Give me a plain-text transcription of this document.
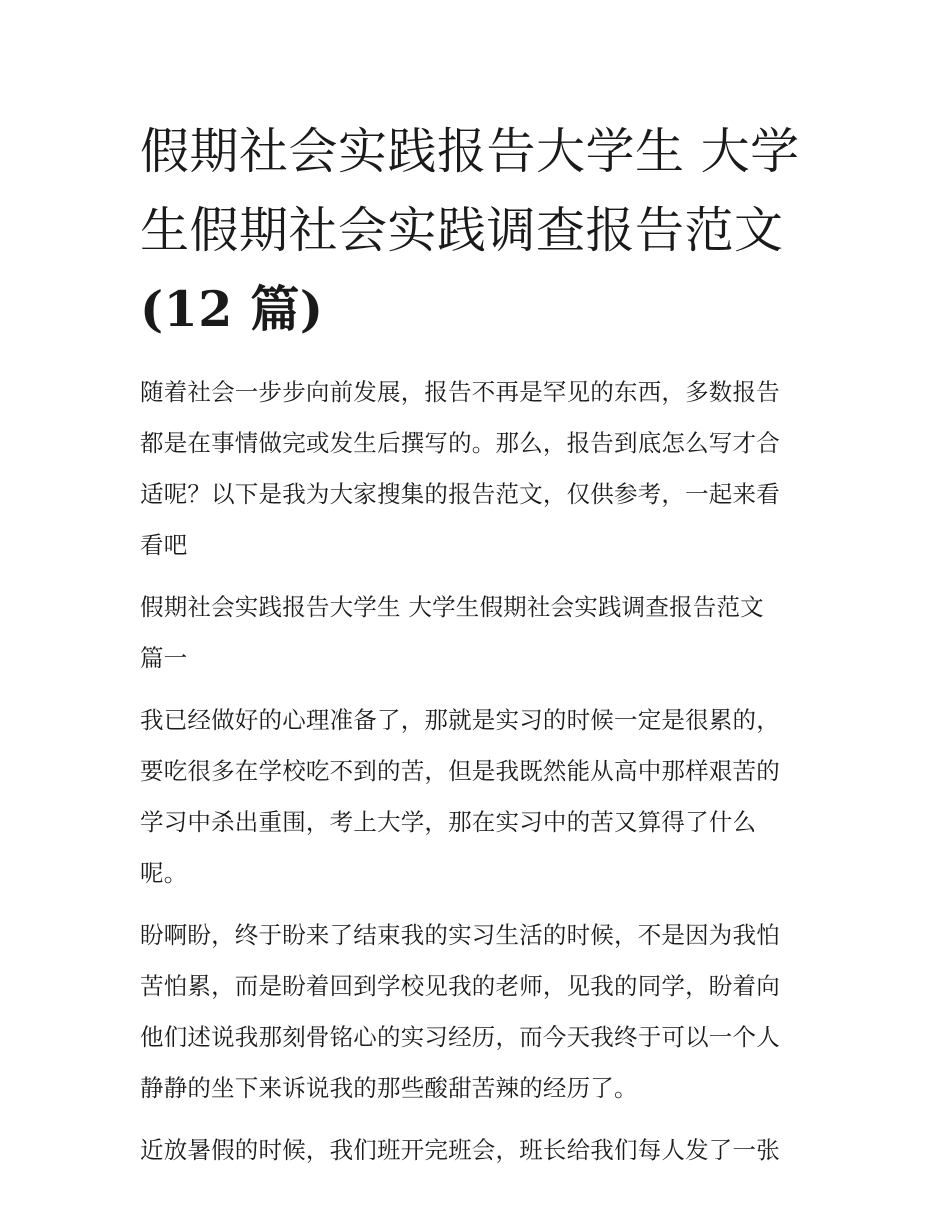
假期社会实践报告大学生 大学
生假期社会实践调查报告范文
(12 篇)

随着社会一步步向前发展，报告不再是罕见的东西，多数报告
都是在事情做完或发生后撰写的。那么，报告到底怎么写才合
适呢？以下是我为大家搜集的报告范文，仅供参考，一起来看
看吧

假期社会实践报告大学生 大学生假期社会实践调查报告范文
篇一

我已经做好的心理准备了，那就是实习的时候一定是很累的，
要吃很多在学校吃不到的苦，但是我既然能从高中那样艰苦的
学习中杀出重围，考上大学，那在实习中的苦又算得了什么
呢。

盼啊盼，终于盼来了结束我的实习生活的时候，不是因为我怕
苦怕累，而是盼着回到学校见我的老师，见我的同学，盼着向
他们述说我那刻骨铭心的实习经历，而今天我终于可以一个人
静静的坐下来诉说我的那些酸甜苦辣的经历了。

近放暑假的时候，我们班开完班会，班长给我们每人发了一张
